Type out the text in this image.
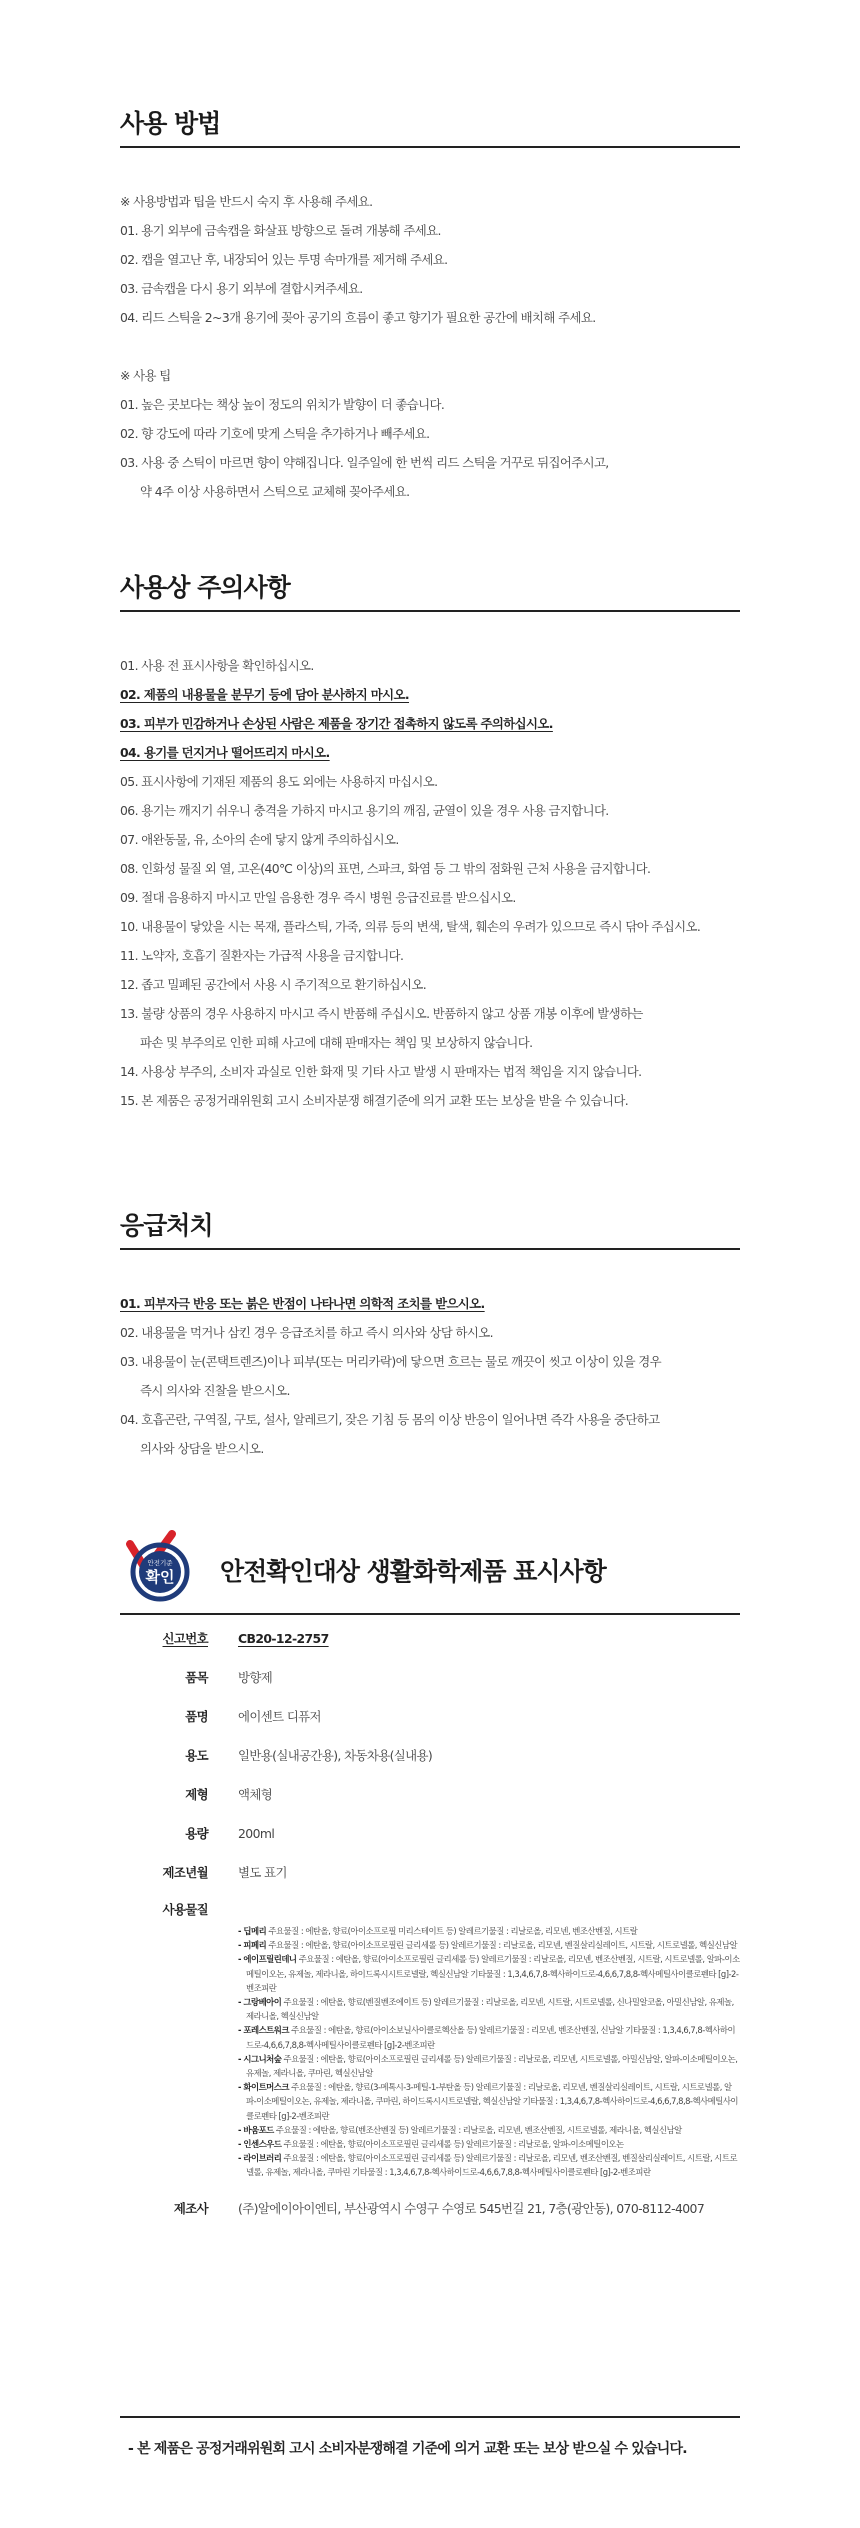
사용 방법
※ 사용방법과 팁을 반드시 숙지 후 사용해 주세요.
01. 용기 외부에 금속캡을 화살표 방향으로 돌려 개봉해 주세요.
02. 캡을 열고난 후, 내장되어 있는 투명 속마개를 제거해 주세요.
03. 금속캡을 다시 용기 외부에 결합시켜주세요.
04. 리드 스틱을 2~3개 용기에 꽂아 공기의 흐름이 좋고 향기가 필요한 공간에 배치해 주세요.
※ 사용 팁
01. 높은 곳보다는 책상 높이 정도의 위치가 발향이 더 좋습니다.
02. 향 강도에 따라 기호에 맞게 스틱을 추가하거나 빼주세요.
03. 사용 중 스틱이 마르면 향이 약해집니다. 일주일에 한 번씩 리드 스틱을 거꾸로 뒤집어주시고,
약 4주 이상 사용하면서 스틱으로 교체해 꽂아주세요.
사용상 주의사항
01. 사용 전 표시사항을 확인하십시오.
02. 제품의 내용물을 분무기 등에 담아 분사하지 마시오.
03. 피부가 민감하거나 손상된 사람은 제품을 장기간 접촉하지 않도록 주의하십시오.
04. 용기를 던지거나 떨어뜨리지 마시오.
05. 표시사항에 기재된 제품의 용도 외에는 사용하지 마십시오.
06. 용기는 깨지기 쉬우니 충격을 가하지 마시고 용기의 깨짐, 균열이 있을 경우 사용 금지합니다.
07. 애완동물, 유, 소아의 손에 닿지 않게 주의하십시오.
08. 인화성 물질 외 열, 고온(40℃ 이상)의 표면, 스파크, 화염 등 그 밖의 점화원 근처 사용을 금지합니다.
09. 절대 음용하지 마시고 만일 음용한 경우 즉시 병원 응급진료를 받으십시오.
10. 내용물이 닿았을 시는 목재, 플라스틱, 가죽, 의류 등의 변색, 탈색, 훼손의 우려가 있으므로 즉시 닦아 주십시오.
11. 노약자, 호흡기 질환자는 가급적 사용을 금지합니다.
12. 좁고 밀폐된 공간에서 사용 시 주기적으로 환기하십시오.
13. 불량 상품의 경우 사용하지 마시고 즉시 반품해 주십시오. 반품하지 않고 상품 개봉 이후에 발생하는
파손 및 부주의로 인한 피해 사고에 대해 판매자는 책임 및 보상하지 않습니다.
14. 사용상 부주의, 소비자 과실로 인한 화재 및 기타 사고 발생 시 판매자는 법적 책임을 지지 않습니다.
15. 본 제품은 공정거래위원회 고시 소비자분쟁 해결기준에 의거 교환 또는 보상을 받을 수 있습니다.
응급처치
01. 피부자극 반응 또는 붉은 반점이 나타나면 의학적 조치를 받으시오.
02. 내용물을 먹거나 삼킨 경우 응급조치를 하고 즉시 의사와 상담 하시오.
03. 내용물이 눈(콘택트렌즈)이나 피부(또는 머리카락)에 닿으면 흐르는 물로 깨끗이 씻고 이상이 있을 경우
즉시 의사와 진찰을 받으시오.
04. 호흡곤란, 구역질, 구토, 설사, 알레르기, 잦은 기침 등 몸의 이상 반응이 일어나면 즉각 사용을 중단하고
의사와 상담을 받으시오.
안전기준
확인 안전확인대상 생활화학제품 표시사항
신고번호 CB20-12-2757
품목 방향제
품명 에이센트 디퓨저
용도 일반용(실내공간용), 차동차용(실내용)
제형 액체형
용량 200ml
제조년월 별도 표기
사용물질
- 딥메리 주요물질 : 에탄올, 향료(아이소프로필 미리스테이트 등) 알레르기물질 : 리날로올, 리모넨, 벤조산벤질, 시트랄
- 피페리 주요물질 : 에탄올, 향료(아이소프로필린 글리세롤 등) 알레르기물질 : 리날로올, 리모넨, 벤질살리실레이트, 시트랄, 시트로넬롤, 헥실신남알
- 에이프릴린데니 주요물질 : 에탄올, 향료(아이소프로필린 글리세롤 등) 알레르기물질 : 리날로올, 리모넨, 벤조산벤질, 시트랄, 시트로넬롤, 알파-이소메틸이오논, 유제놀, 제라니올, 하이드록시시트로넬랄, 헥실신남알 기타물질 : 1,3,4,6,7,8-헥사하이드로-4,6,6,7,8,8-헥사메틸사이클로펜타 [g]-2-벤조피란
- 그랑베아이 주요물질 : 에탄올, 향료(벤질벤조에이트 등) 알레르기물질 : 리날로올, 리모넨, 시트랄, 시트로넬롤, 신나밀알코올, 아밀신남알, 유제놀, 제라니올, 헥실신남알
- 포레스트워크 주요물질 : 에탄올, 향료(아이소보닐사이클로헥산올 등) 알레르기물질 : 리모넨, 벤조산벤질, 신남알 기타물질 : 1,3,4,6,7,8-헥사하이드로-4,6,6,7,8,8-헥사메틸사이클로펜타 [g]-2-벤조피란
- 시그니처숲 주요물질 : 에탄올, 향료(아이소프로필린 글리세롤 등) 알레르기물질 : 리날로올, 리모넨, 시트로넬롤, 아밀신남알, 알파-이소메틸이오논, 유제놀, 제라니올, 쿠마린, 헥실신남알
- 화이트머스크 주요물질 : 에탄올, 향료(3-메톡시-3-메틸-1-부탄올 등) 알레르기물질 : 리날로올, 리모넨, 벤질살리실레이트, 시트랄, 시트로넬롤, 알파-이소메틸이오논, 유제놀, 제라니올, 쿠마린, 하이드록시시트로넬랄, 헥실신남알 기타물질 : 1,3,4,6,7,8-헥사하이드로-4,6,6,7,8,8-헥사메틸사이클로펜타 [g]-2-벤조피란
- 바움포드 주요물질 : 에탄올, 향료(벤조산벤질 등) 알레르기물질 : 리날로올, 리모넨, 벤조산벤질, 시트로넬롤, 제라니올, 헥실신남알
- 인센스우드 주요물질 : 에탄올, 향료(아이소프로필린 글리세롤 등) 알레르기물질 : 리날로올, 알파-이소메틸이오논
- 라이브러리 주요물질 : 에탄올, 향료(아이소프로필린 글리세롤 등) 알레르기물질 : 리날로올, 리모넨, 벤조산벤질, 벤질살리실레이트, 시트랄, 시트로넬롤, 유제놀, 제라니올, 쿠마린 기타물질 : 1,3,4,6,7,8-헥사하이드로-4,6,6,7,8,8-헥사메틸사이클로펜타 [g]-2-벤조피란
제조사 (주)알에이아이엔티, 부산광역시 수영구 수영로 545번길 21, 7층(광안동), 070-8112-4007
- 본 제품은 공정거래위원회 고시 소비자분쟁해결 기준에 의거 교환 또는 보상 받으실 수 있습니다.
